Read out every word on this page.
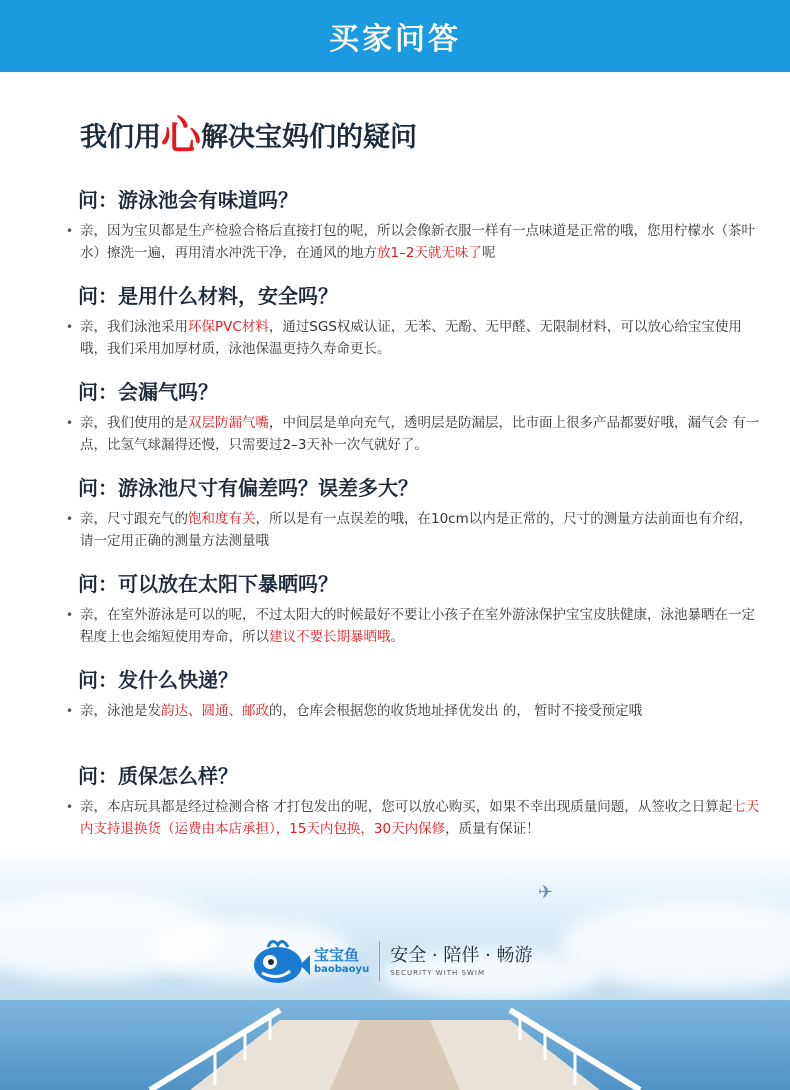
买家问答
我们用心解决宝妈们的疑问
问：游泳池会有味道吗？
• 亲，因为宝贝都是生产检验合格后直接打包的呢，所以会像新衣服一样有一点味道是正常的哦，您用柠檬水（茶叶水）擦洗一遍，再用清水冲洗干净，在通风的地方放1–2天就无味了呢
问：是用什么材料，安全吗？
• 亲，我们泳池采用环保PVC材料，通过SGS权威认证，无苯、无酚、无甲醛、无限制材料，可以放心给宝宝使用哦，我们采用加厚材质，泳池保温更持久寿命更长。
问：会漏气吗？
• 亲，我们使用的是双层防漏气嘴，中间层是单向充气，透明层是防漏层，比市面上很多产品都要好哦，漏气会 有一点，比氢气球漏得还慢，只需要过2–3天补一次气就好了。
问：游泳池尺寸有偏差吗？误差多大？
• 亲，尺寸跟充气的饱和度有关，所以是有一点误差的哦，在10cm以内是正常的，尺寸的测量方法前面也有介绍，请一定用正确的测量方法测量哦
问：可以放在太阳下暴晒吗？
• 亲，在室外游泳是可以的呢，不过太阳大的时候最好不要让小孩子在室外游泳保护宝宝皮肤健康，泳池暴晒在一定程度上也会缩短使用寿命，所以建议不要长期暴晒哦。
问：发什么快递？
• 亲，泳池是发韵达、圆通、邮政的，仓库会根据您的收货地址择优发出 的， 暂时不接受预定哦
问：质保怎么样？
• 亲，本店玩具都是经过检测合格 才打包发出的呢，您可以放心购买，如果不幸出现质量问题，从签收之日算起七天内支持退换货（运费由本店承担），15天内包换，30天内保修，质量有保证！
✈
宝宝鱼
baobaoyu
安全 · 陪伴 · 畅游
SECURITY WITH SWIM
